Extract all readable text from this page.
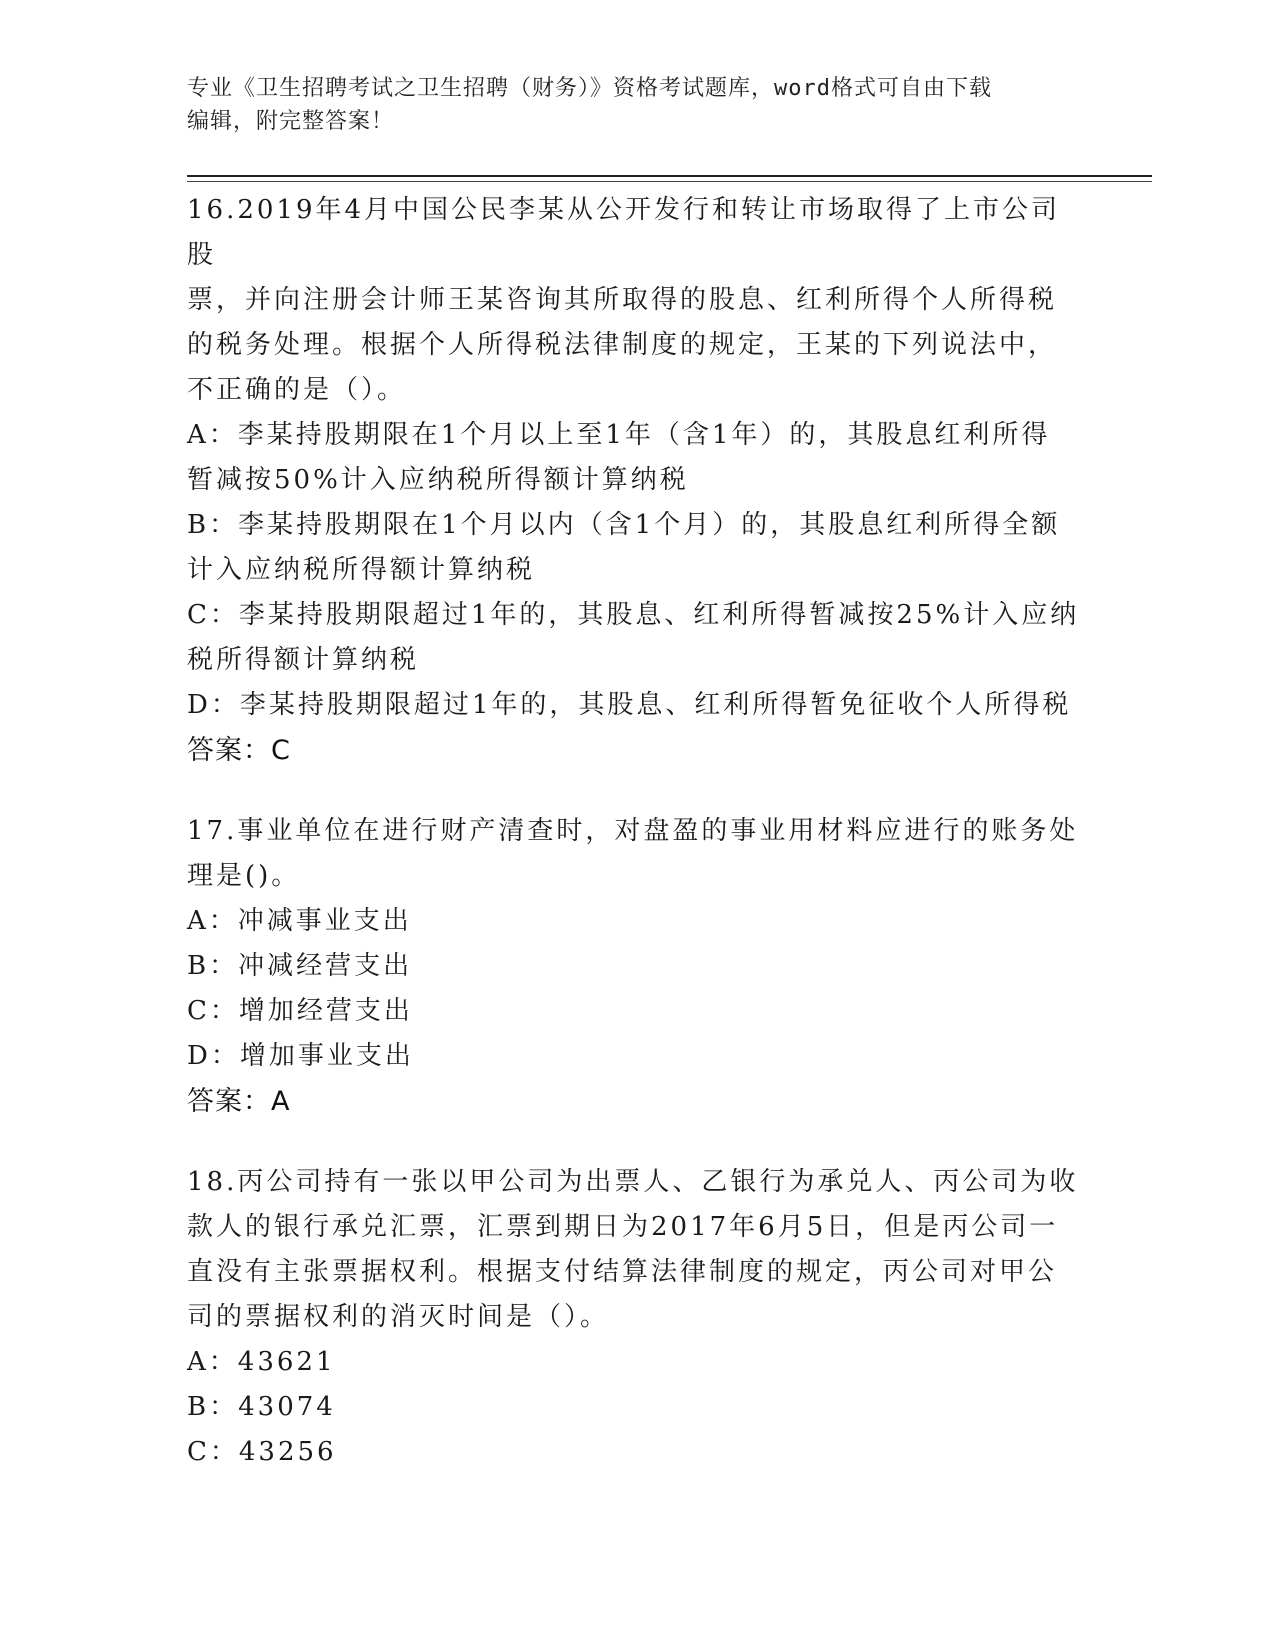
专业《卫生招聘考试之卫生招聘（财务）》资格考试题库，word格式可自由下载
编辑，附完整答案！

16.2019年4月中国公民李某从公开发行和转让市场取得了上市公司股

票，并向注册会计师王某咨询其所取得的股息、红利所得个人所得税

的税务处理。根据个人所得税法律制度的规定，王某的下列说法中，

不正确的是（）。

A：李某持股期限在1个月以上至1年（含1年）的，其股息红利所得

暂减按50%计入应纳税所得额计算纳税

B：李某持股期限在1个月以内（含1个月）的，其股息红利所得全额

计入应纳税所得额计算纳税

C：李某持股期限超过1年的，其股息、红利所得暂减按25%计入应纳

税所得额计算纳税

D：李某持股期限超过1年的，其股息、红利所得暂免征收个人所得税

答案：C

17.事业单位在进行财产清查时，对盘盈的事业用材料应进行的账务处

理是()。

A：冲减事业支出

B：冲减经营支出

C：增加经营支出

D：增加事业支出

答案：A

18.丙公司持有一张以甲公司为出票人、乙银行为承兑人、丙公司为收

款人的银行承兑汇票，汇票到期日为2017年6月5日，但是丙公司一

直没有主张票据权利。根据支付结算法律制度的规定，丙公司对甲公

司的票据权利的消灭时间是（）。

A：43621

B：43074

C：43256
